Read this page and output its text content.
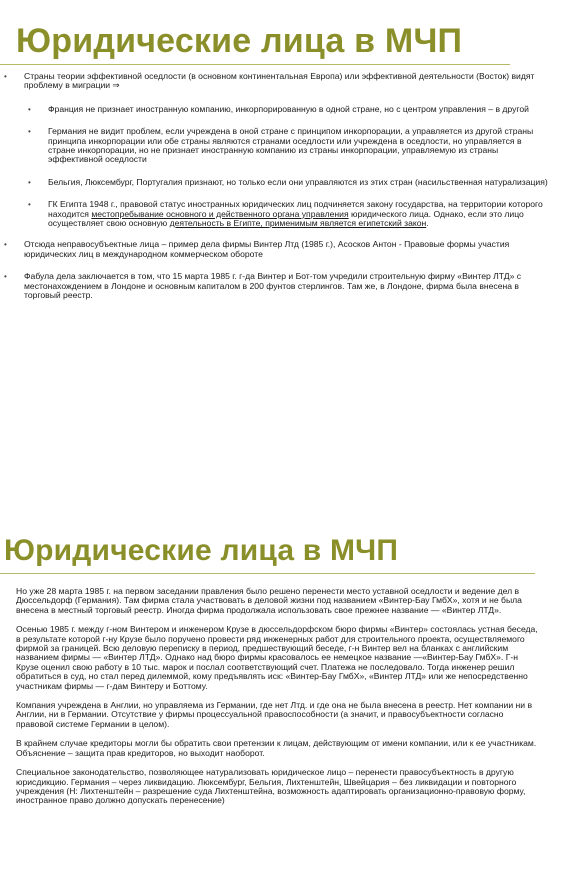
Юридические лица в МЧП
• Страны теории эффективной оседлости (в основном континентальная Европа) или эффективной деятельности (Восток) видят проблему в миграции ⇒
• Франция не признает иностранную компанию, инкорпорированную в одной стране, но с центром управления – в другой
• Германия не видит проблем, если учреждена в оной стране с принципом инкорпорации, а управляется из другой страны принципа инкорпорации или обе страны являются странами оседлости или учреждена в оседлости, но управляется в стране инкорпорации, но не признает иностранную компанию из страны инкорпорации, управляемую из страны эффективной оседлости
• Бельгия, Люксембург, Португалия признают, но только если они управляются из этих стран (насильственная натурализация)
• ГК Египта 1948 г., правовой статус иностранных юридических лиц подчиняется закону государства, на территории которого находится местопребывание основного и действенного органа управления юридического лица. Однако, если это лицо осуществляет свою основную деятельность в Египте, применимым является египетский закон.
• Отсюда неправосубъектные лица – пример дела фирмы Винтер Лтд (1985 г.), Асосков Антон - Правовые формы участия юридических лиц в международном коммерческом обороте
• Фабула дела заключается в том, что 15 марта 1985 г. г-да Винтер и Бот-том учредили строительную фирму «Винтер ЛТД» с местонахождением в Лондоне и основным капиталом в 200 фунтов стерлингов. Там же, в Лондоне, фирма была внесена в торговый реестр.
Юридические лица в МЧП
Но уже 28 марта 1985 г. на первом заседании правления было решено перенести место уставной оседлости и ведение дел в Дюссельдорф (Германия). Там фирма стала участвовать в деловой жизни под названием «Винтер-Бау ГмбХ», хотя и не была внесена в местный торговый реестр. Иногда фирма продолжала использовать свое прежнее название — «Винтер ЛТД».
Осенью 1985 г. между г-ном Винтером и инженером Крузе в дюссельдорфском бюро фирмы «Винтер» состоялась устная беседа, в результате которой г-ну Крузе было поручено провести ряд инженерных работ для строительного проекта, осуществляемого фирмой за границей. Всю деловую переписку в период, предшествующий беседе, г-н Винтер вел на бланках с английским названием фирмы — «Винтер ЛТД». Однако над бюро фирмы красовалось ее немецкое название —«Винтер-Бау ГмбХ». Г-н Крузе оценил свою работу в 10 тыс. марок и послал соответствующий счет. Платежа не последовало. Тогда инженер решил обратиться в суд, но стал перед дилеммой, кому предъявлять иск: «Винтер-Бау ГмбХ», «Винтер ЛТД» или же непосредственно участникам фирмы — г-дам Винтеру и Боттому.
Компания учреждена в Англии, но управляема из Германии, где нет Лтд. и где она не была внесена в реестр. Нет компании ни в Англии, ни в Германии. Отсутствие у фирмы процессуальной правоспособности (а значит, и правосубъектности согласно правовой системе Германии в целом).
В крайнем случае кредиторы могли бы обратить свои претензии к лицам, действующим от имени компании, или к ее участникам. Объяснение – защита прав кредиторов, но выходит наоборот.
Специальное законодательство, позволяющее натурализовать юридическое лицо – перенести правосубъектность в другую юрисдикцию. Германия – через ликвидацию. Люксембург, Бельгия, Лихтенштейн, Швейцария – без ликвидации и повторного учреждения (Н: Лихтенштейн – разрешение суда Лихтенштейна, возможность адаптировать организационно-правовую форму, иностранное право должно допускать перенесение)
